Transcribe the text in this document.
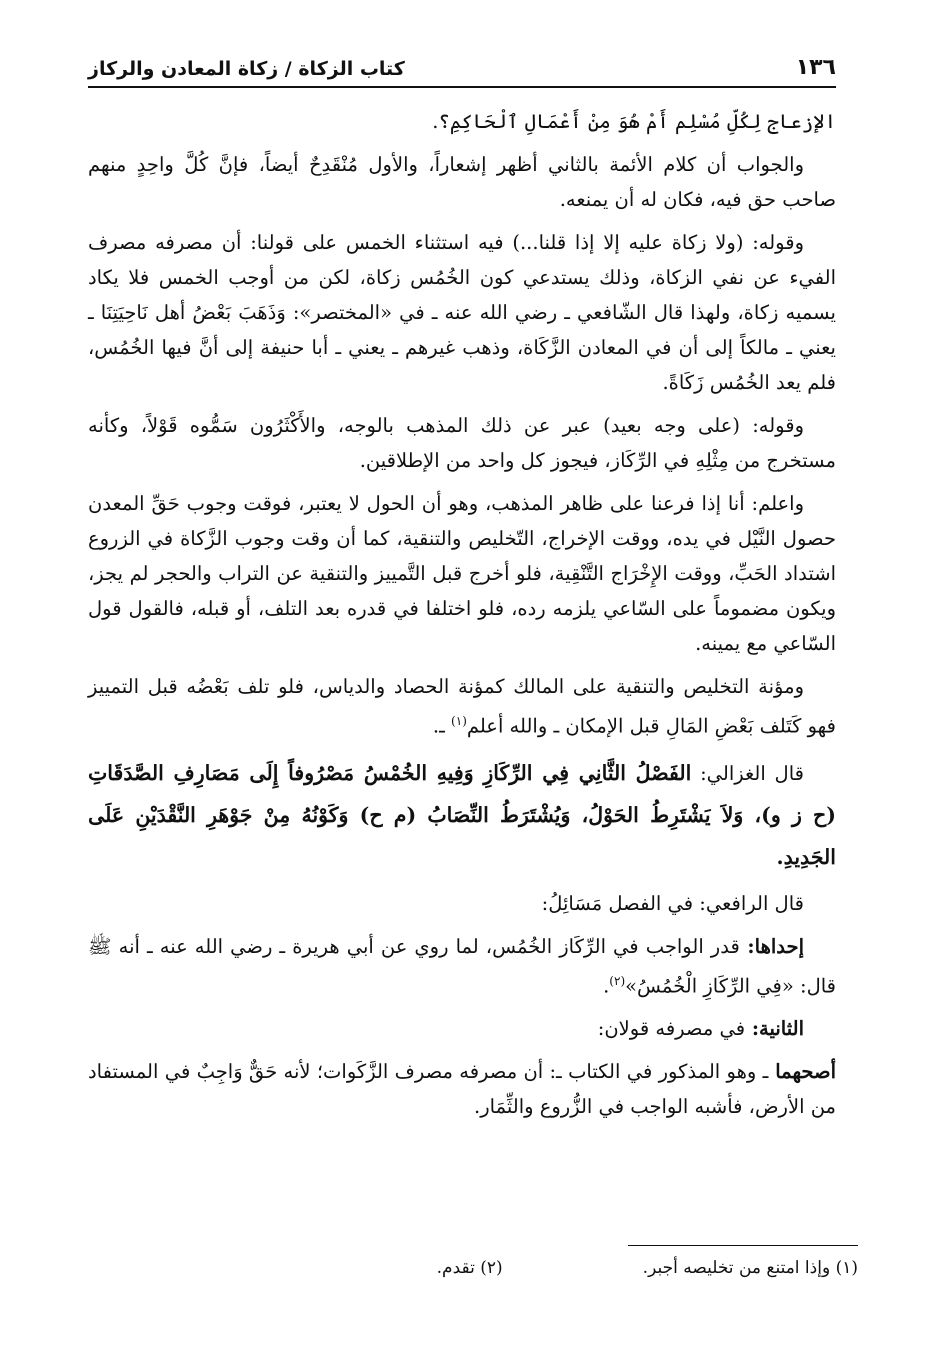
١٣٦
كتاب الزكاة / زكاة المعادن والركاز

الإزعاج لِكُلِّ مُسْلِم أَمْ هُوَ مِنْ أَعْمَالِ ٱلْحَاكِمِ؟.

والجواب أن كلام الأئمة بالثاني أظهر إشعاراً، والأول مُنْقَدِحٌ أيضاً، فإنَّ كُلَّ واحِدٍ منهم صاحب حق فيه، فكان له أن يمنعه.

وقوله: (ولا زكاة عليه إلا إذا قلنا...) فيه استثناء الخمس على قولنا: أن مصرفه مصرف الفيء عن نفي الزكاة، وذلك يستدعي كون الخُمُس زكاة، لكن من أوجب الخمس فلا يكاد يسميه زكاة، ولهذا قال الشّافعي ـ رضي الله عنه ـ في «المختصر»: وَذَهَبَ بَعْضُ أهل نَاحِيَتِنَا ـ يعني ـ مالكاً إلى أن في المعادن الزَّكَاة، وذهب غيرهم ـ يعني ـ أبا حنيفة إلى أنَّ فيها الخُمُس، فلم يعد الخُمُس زَكَاةً.

وقوله: (على وجه بعيد) عبر عن ذلك المذهب بالوجه، والأَكْثَرُون سَمُّوه قَوْلاً، وكأنه مستخرج من مِثْلِهِ في الرِّكَاز، فيجوز كل واحد من الإطلاقين.

واعلم: أنا إذا فرعنا على ظاهر المذهب، وهو أن الحول لا يعتبر، فوقت وجوب حَقِّ المعدن حصول النَّيْل في يده، ووقت الإخراج، التّخليص والتنقية، كما أن وقت وجوب الزَّكاة في الزروع اشتداد الحَبِّ، ووقت الإِخْرَاج التَّنْقِية، فلو أخرج قبل التَّمييز والتنقية عن التراب والحجر لم يجز، ويكون مضموماً على السّاعي يلزمه رده، فلو اختلفا في قدره بعد التلف، أو قبله، فالقول قول السّاعي مع يمينه.

ومؤنة التخليص والتنقية على المالك كمؤنة الحصاد والدياس، فلو تلف بَعْضُه قبل التمييز فهو كَتَلف بَعْضِ المَالِ قبل الإمكان ـ والله أعلم$^{(١)}$ ـ.

قال الغزالي: الفَصْلُ الثَّانِي فِي الرِّكَازِ وَفِيهِ الخُمْسُ مَصْرُوفاً إِلَى مَصَارِفِ الصَّدَقَاتِ (ح ز و)، وَلاَ يَشْتَرِطُ الحَوْلُ، وَيُشْتَرَطُ النِّصَابُ (م ح) وَكَوْنُهُ مِنْ جَوْهَرِ النَّقْدَيْنِ عَلَى الجَدِيدِ.

قال الرافعي: في الفصل مَسَائِلُ:

إحداها: قدر الواجب في الرِّكَاز الخُمُس، لما روي عن أبي هريرة ـ رضي الله عنه ـ أنه ﷺ قال: «فِي الرِّكَازِ الْخُمُسُ»$^{(٢)}$.

الثانية: في مصرفه قولان:

أصحهما ـ وهو المذكور في الكتاب ـ: أن مصرفه مصرف الزَّكَوات؛ لأنه حَقٌّ وَاجِبٌ في المستفاد من الأرض، فأشبه الواجب في الزُّروع والثِّمَار.

(١) وإذا امتنع من تخليصه أجبر.
(٢) تقدم.
